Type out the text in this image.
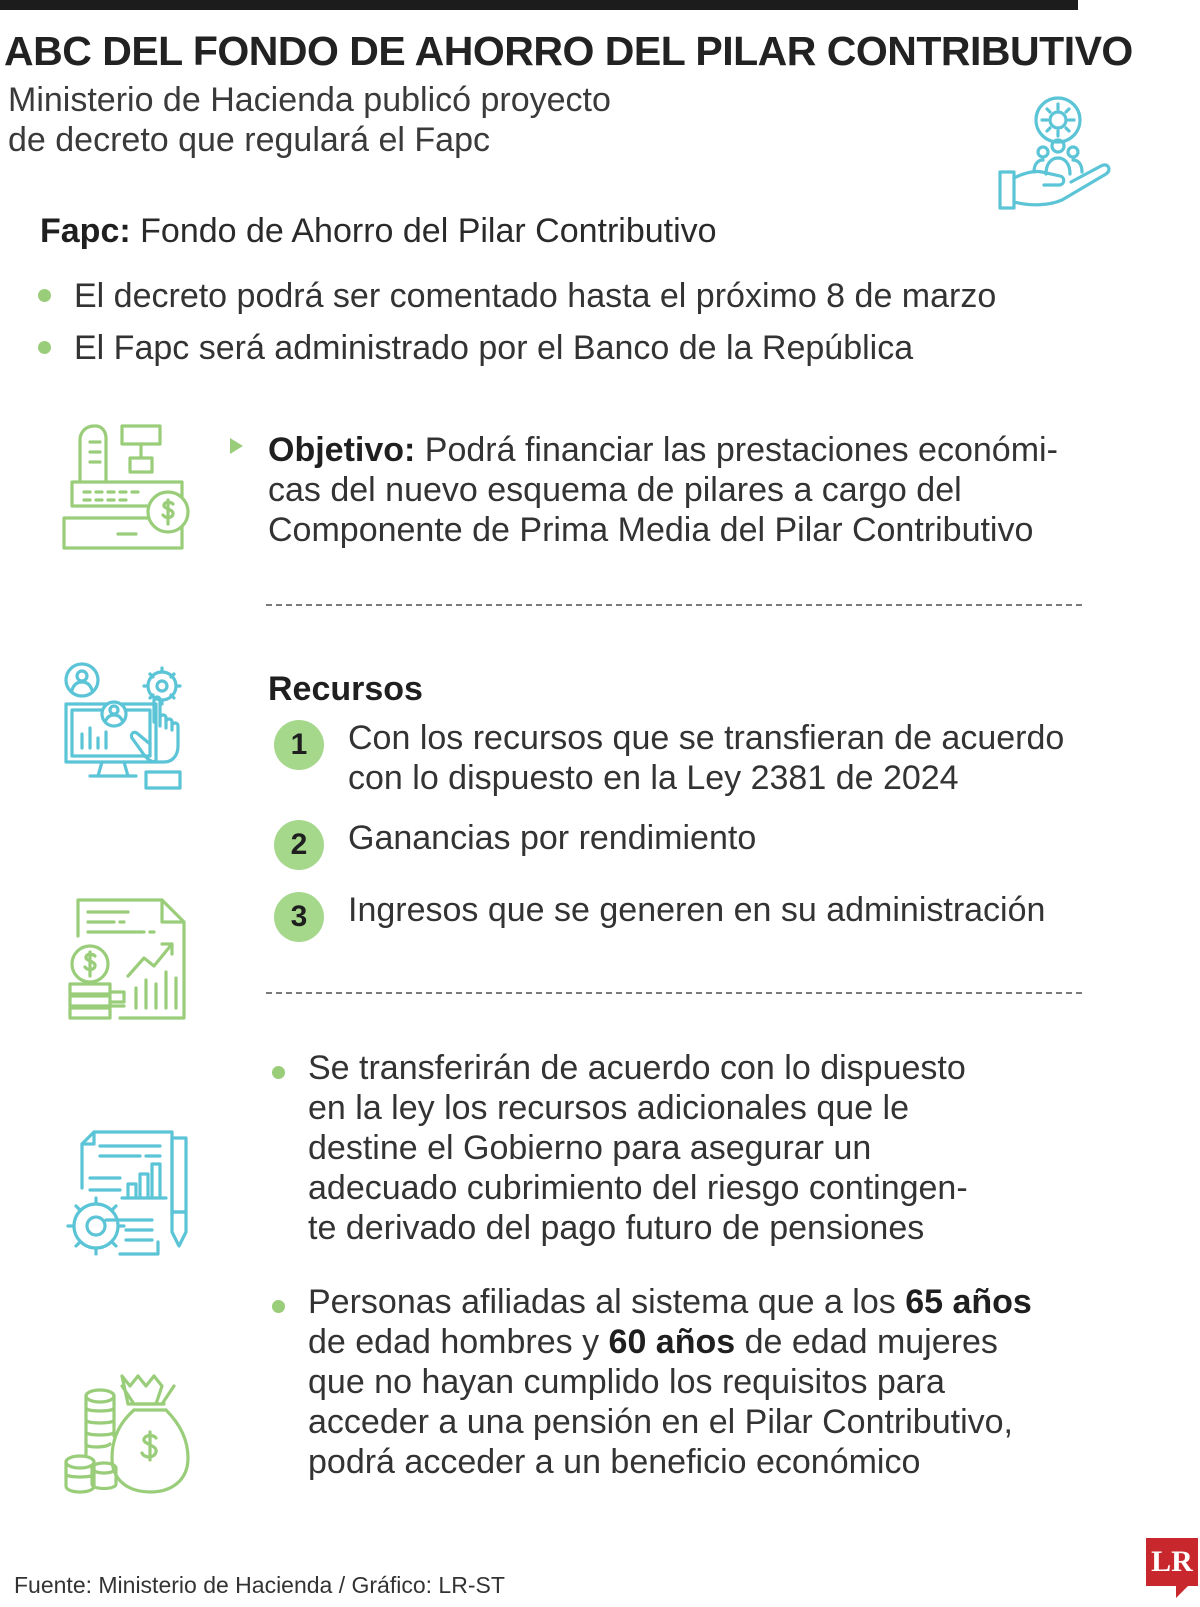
ABC DEL FONDO DE AHORRO DEL PILAR CONTRIBUTIVO
Ministerio de Hacienda publicó proyecto
de decreto que regulará el Fapc
Fapc: Fondo de Ahorro del Pilar Contributivo
El decreto podrá ser comentado hasta el próximo 8 de marzo
El Fapc será administrado por el Banco de la República
Objetivo: Podrá financiar las prestaciones económi-
cas del nuevo esquema de pilares a cargo del
Componente de Prima Media del Pilar Contributivo
Recursos
1	Con los recursos que se transfieran de acuerdo
con lo dispuesto en la Ley 2381 de 2024
2	Ganancias por rendimiento
3	Ingresos que se generen en su administración
Se transferirán de acuerdo con lo dispuesto
en la ley los recursos adicionales que le
destine el Gobierno para asegurar un
adecuado cubrimiento del riesgo contingen-
te derivado del pago futuro de pensiones
Personas afiliadas al sistema que a los 65 años
de edad hombres y 60 años de edad mujeres
que no hayan cumplido los requisitos para
acceder a una pensión en el Pilar Contributivo,
podrá acceder a un beneficio económico
Fuente: Ministerio de Hacienda / Gráfico: LR-ST
LR
